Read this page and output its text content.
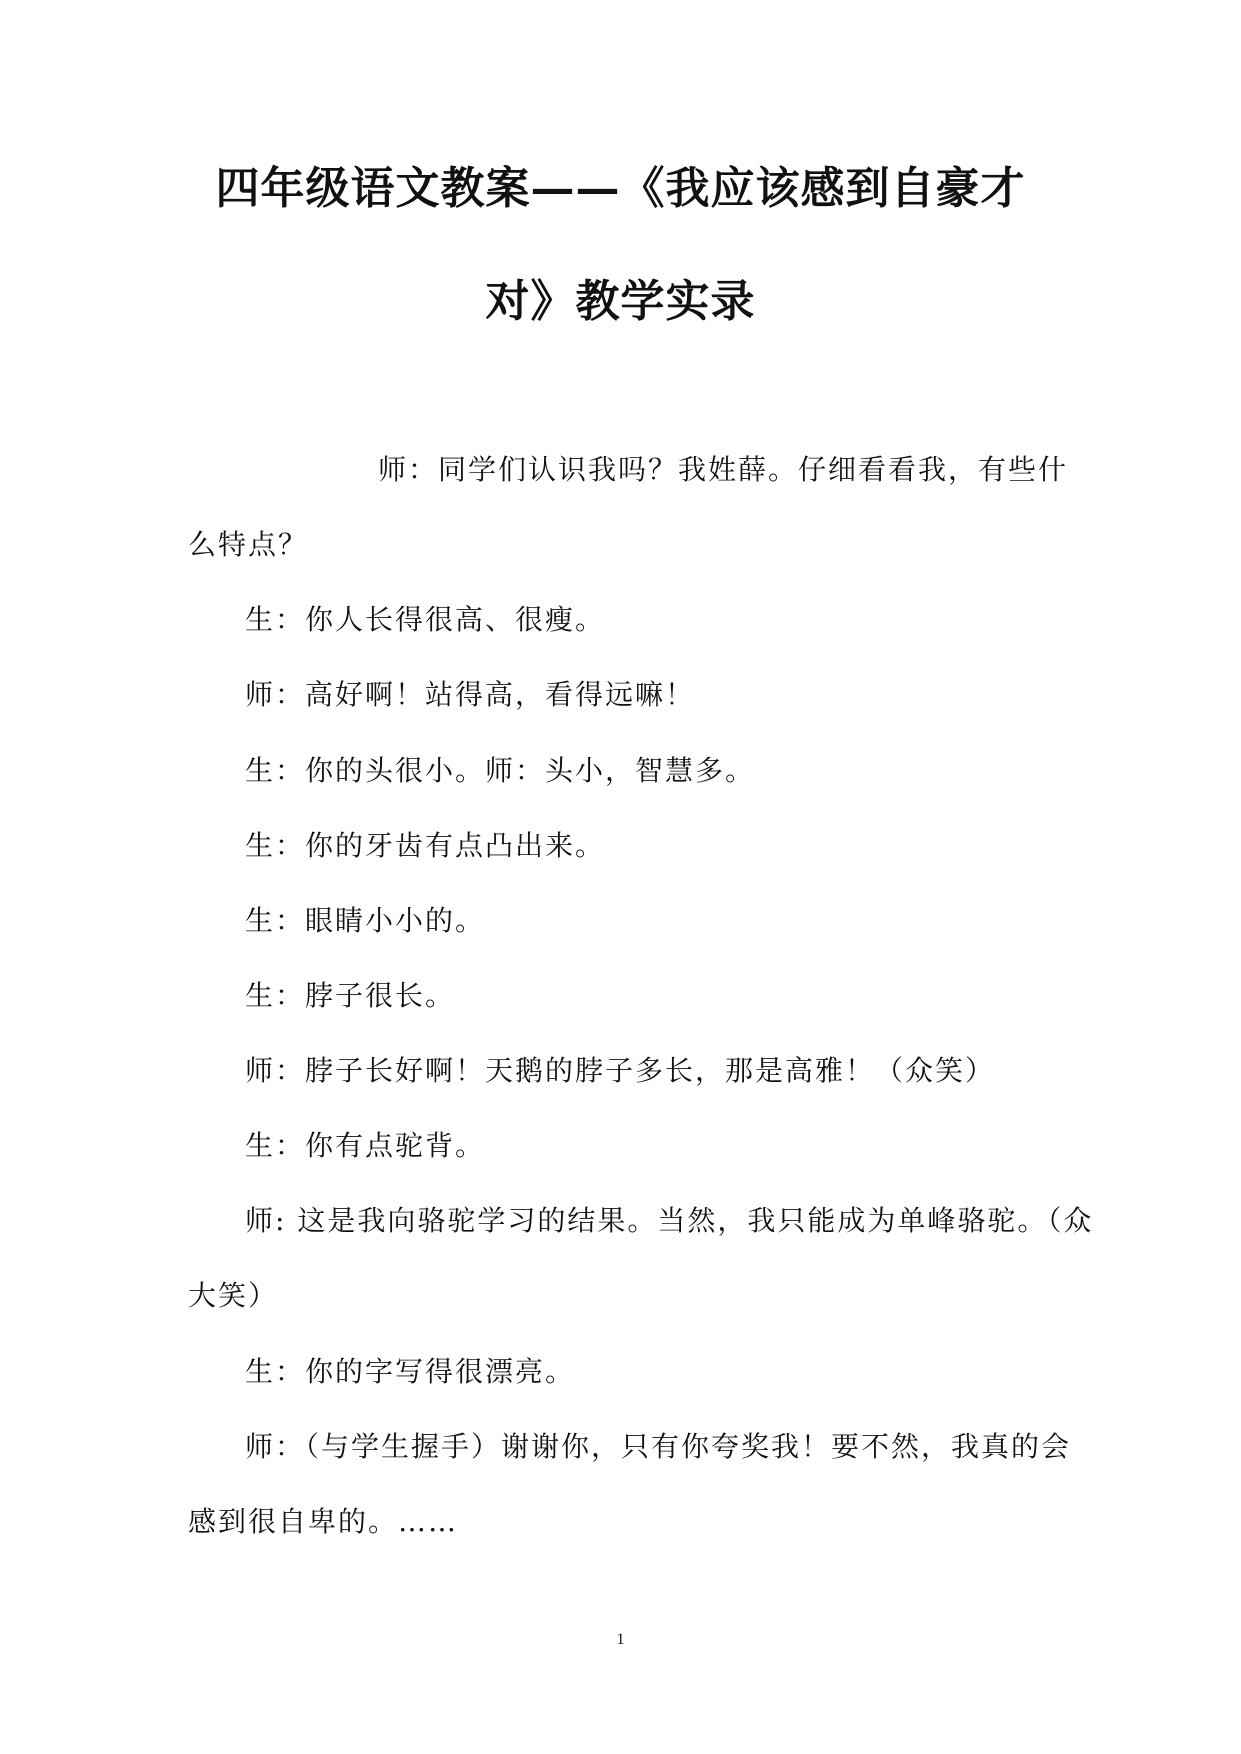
四年级语文教案——《我应该感到自豪才
对》教学实录
师：同学们认识我吗？我姓薛。仔细看看我，有些什
么特点？
生：你人长得很高、很瘦。
师：高好啊！站得高，看得远嘛！
生：你的头很小。师：头小，智慧多。
生：你的牙齿有点凸出来。
生：眼睛小小的。
生：脖子很长。
师：脖子长好啊！天鹅的脖子多长，那是高雅！（众笑）
生：你有点驼背。
师: 这是我向骆驼学习的结果。当然，我只能成为单峰骆驼。（众
大笑）
生：你的字写得很漂亮。
师：（与学生握手）谢谢你，只有你夸奖我！要不然，我真的会
感到很自卑的。……
1
